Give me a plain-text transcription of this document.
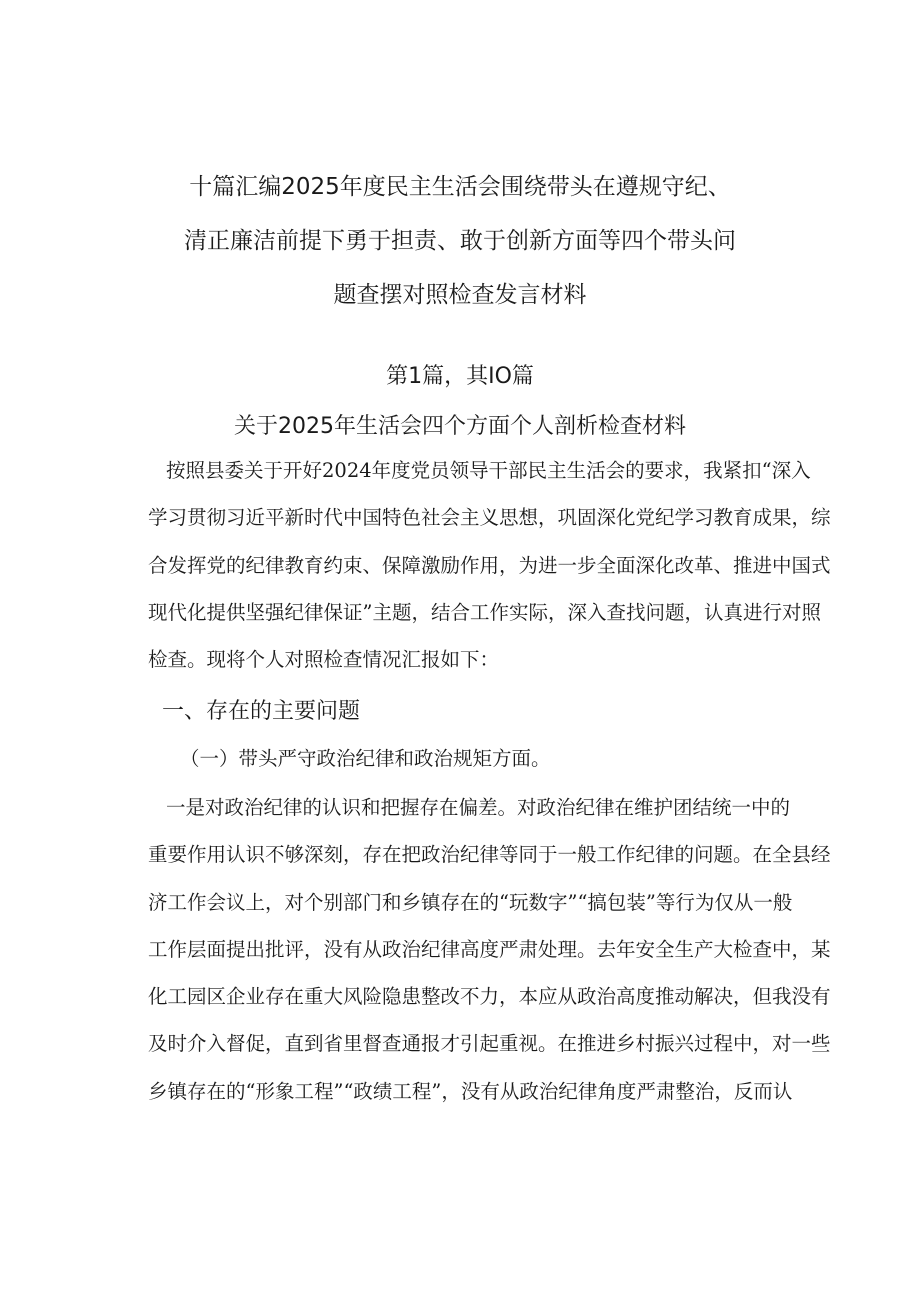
十篇汇编2025年度民主生活会围绕带头在遵规守纪、
清正廉洁前提下勇于担责、敢于创新方面等四个带头问
题查摆对照检查发言材料
第1篇，其IO篇
关于2025年生活会四个方面个人剖析检查材料
按照县委关于开好2024年度党员领导干部民主生活会的要求，我紧扣“深入
学习贯彻习近平新时代中国特色社会主义思想，巩固深化党纪学习教育成果，综
合发挥党的纪律教育约束、保障激励作用，为进一步全面深化改革、推进中国式
现代化提供坚强纪律保证”主题，结合工作实际，深入查找问题，认真进行对照
检查。现将个人对照检查情况汇报如下：
一、存在的主要问题
（一）带头严守政治纪律和政治规矩方面。
一是对政治纪律的认识和把握存在偏差。对政治纪律在维护团结统一中的
重要作用认识不够深刻，存在把政治纪律等同于一般工作纪律的问题。在全县经
济工作会议上，对个别部门和乡镇存在的“玩数字”“搞包装”等行为仅从一般
工作层面提出批评，没有从政治纪律高度严肃处理。去年安全生产大检查中，某
化工园区企业存在重大风险隐患整改不力，本应从政治高度推动解决，但我没有
及时介入督促，直到省里督查通报才引起重视。在推进乡村振兴过程中，对一些
乡镇存在的“形象工程”“政绩工程”，没有从政治纪律角度严肃整治，反而认
